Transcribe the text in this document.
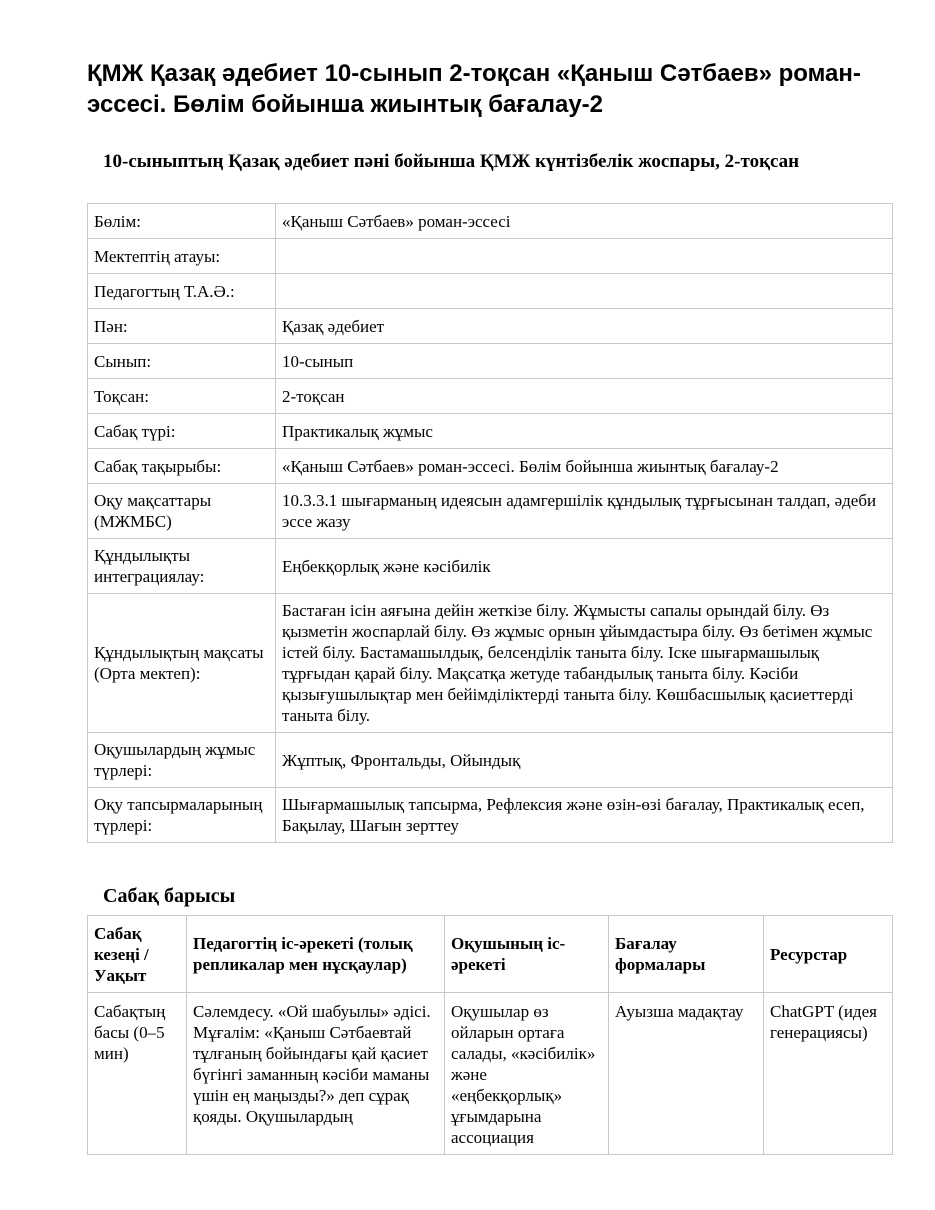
ҚМЖ Қазақ әдебиет 10-сынып 2-тоқсан «Қаныш Сәтбаев» роман-эссесі. Бөлім бойынша жиынтық бағалау-2
10-сыныптың Қазақ әдебиет пәні бойынша ҚМЖ күнтізбелік жоспары, 2-тоқсан
Бөлім:	«Қаныш Сәтбаев» роман-эссесі
Мектептің атауы:	
Педагогтың Т.А.Ә.:	
Пән:	Қазақ әдебиет
Сынып:	10-сынып
Тоқсан:	2-тоқсан
Сабақ түрі:	Практикалық жұмыс
Сабақ тақырыбы:	«Қаныш Сәтбаев» роман-эссесі. Бөлім бойынша жиынтық бағалау-2
Оқу мақсаттары (МЖМБС)	10.3.3.1 шығарманың идеясын адамгершілік құндылық тұрғысынан талдап, әдеби эссе жазу
Құндылықты интеграциялау:	Еңбекқорлық және кәсібилік
Құндылықтың мақсаты (Орта мектеп):	Бастаған ісін аяғына дейін жеткізе білу. Жұмысты сапалы орындай білу. Өз қызметін жоспарлай білу. Өз жұмыс орнын ұйымдастыра білу. Өз бетімен жұмыс істей білу. Бастамашылдық, белсенділік таныта білу. Іске шығармашылық тұрғыдан қарай білу. Мақсатқа жетуде табандылық таныта білу. Кәсіби қызығушылықтар мен бейімділіктерді таныта білу. Көшбасшылық қасиеттерді таныта білу.
Оқушылардың жұмыс түрлері:	Жұптық, Фронтальды, Ойындық
Оқу тапсырмаларының түрлері:	Шығармашылық тапсырма, Рефлексия және өзін-өзі бағалау, Практикалық есеп, Бақылау, Шағын зерттеу
Сабақ барысы
Сабақ кезеңі / Уақыт	Педагогтің іс-әрекеті (толық репликалар мен нұсқаулар)	Оқушының іс-әрекеті	Бағалау формалары	Ресурстар
Сабақтың басы (0–5 мин)	Сәлемдесу. «Ой шабуылы» әдісі. Мұғалім: «Қаныш Сәтбаевтай тұлғаның бойындағы қай қасиет бүгінгі заманның кәсіби маманы үшін ең маңызды?» деп сұрақ қояды. Оқушылардың	Оқушылар өз ойларын ортаға салады, «кәсібилік» және «еңбекқорлық» ұғымдарына ассоциация	Ауызша мадақтау	ChatGPT (идея генерациясы)
